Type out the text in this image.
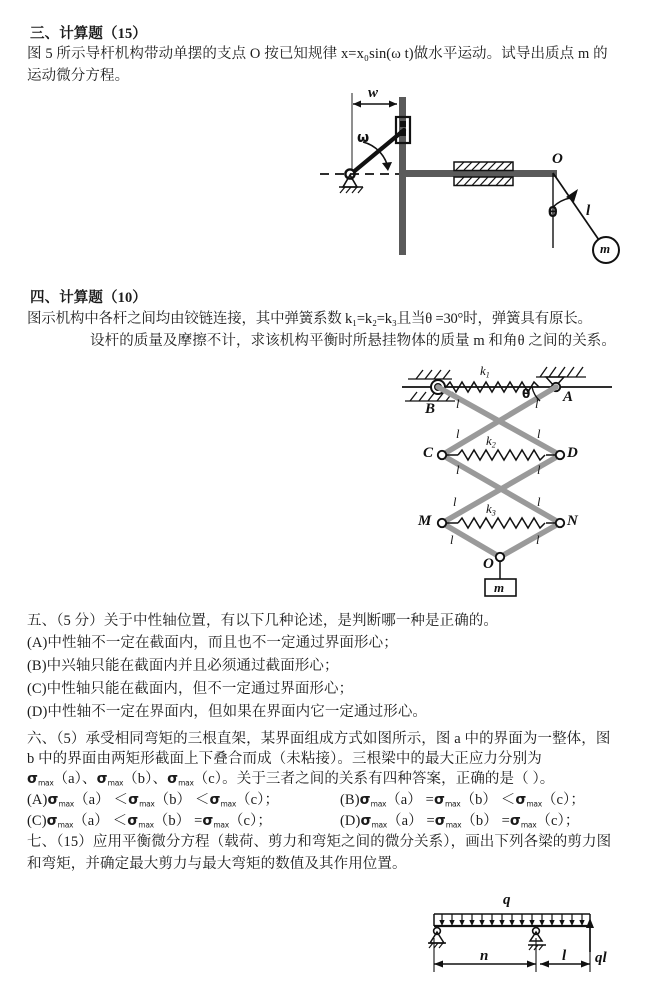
三、计算题（15）
图 5 所示导杆机构带动单摆的支点 O 按已知规律 x=x₀sin(ω t)做水平运动。试导出质点 m 的
运动微分方程。
w
ω
O
θ l
m
四、计算题（10）
图示机构中各杆之间均由铰链连接，其中弹簧系数 k₁=k₂=k₃且当θ =30°时，弹簧具有原长。
设杆的质量及摩擦不计，求该机构平衡时所悬挂物体的质量 m 和角θ 之间的关系。
$k_1$
$k_2$
$k_3$
θ A
B
C	D
M	N
O
m
l	l
l	l
l	l
l	l
l	l
五、（5 分）关于中性轴位置，有以下几种论述，是判断哪一种是正确的。
(A)中性轴不一定在截面内，而且也不一定通过界面形心；
(B)中兴轴只能在截面内并且必须通过截面形心；
(C)中性轴只能在截面内，但不一定通过界面形心；
(D)中性轴不一定在界面内，但如果在界面内它一定通过形心。
六、（5）承受相同弯矩的三根直架，某界面组成方式如图所示，图 a 中的界面为一整体，图
b 中的界面由两矩形截面上下叠合而成（未粘接）。三根梁中的最大正应力分别为
σmax（a）、σmax（b）、σmax（c）。关于三者之间的关系有四种答案，正确的是（ ）。
(A)σmax（a） ＜σmax（b） ＜σmax（c）；	(B)σmax（a） =σmax（b） ＜σmax（c）；
(C)σmax（a） ＜σmax（b） =σmax（c）；	(D)σmax（a） =σmax（b） =σmax（c）；
七、（15）应用平衡微分方程（载荷、剪力和弯矩之间的微分关系），画出下列各梁的剪力图
和弯矩，并确定最大剪力与最大弯矩的数值及其作用位置。
q
n	l ql
